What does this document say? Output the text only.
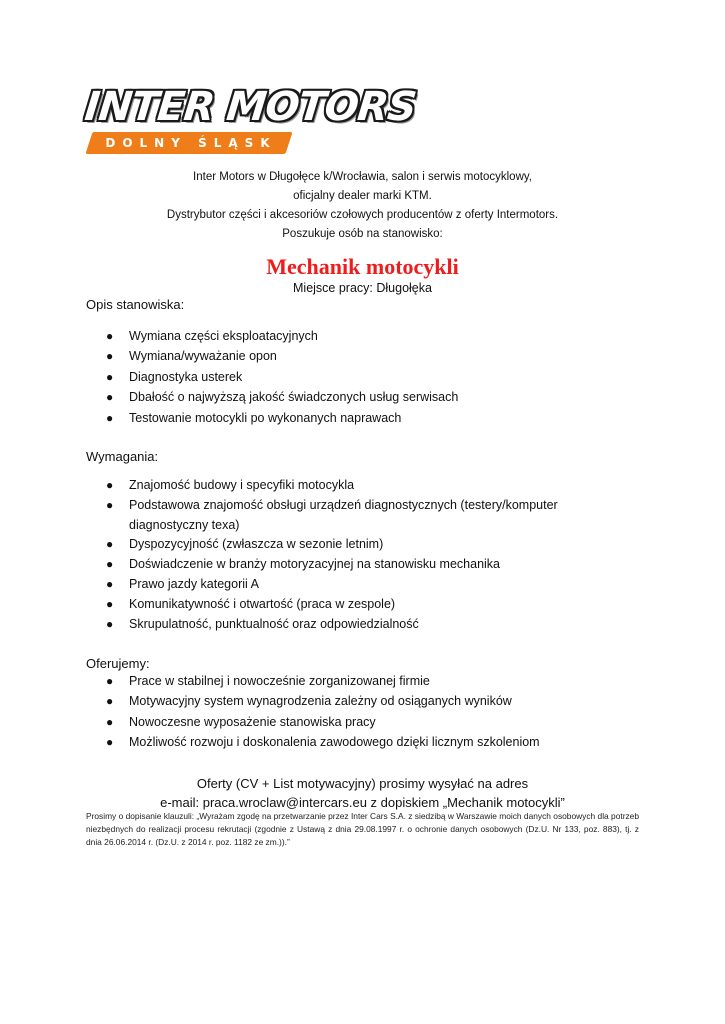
INTER MOTORS
DOLNY ŚLĄSK
Inter Motors w Długołęce k/Wrocławia, salon i serwis motocyklowy,
oficjalny dealer marki KTM.
Dystrybutor części i akcesoriów czołowych producentów z oferty Intermotors.
Poszukuje osób na stanowisko:
Mechanik motocykli
Miejsce pracy: Długołęka
Opis stanowiska:
● Wymiana części eksploatacyjnych
● Wymiana/wyważanie opon
● Diagnostyka usterek
● Dbałość o najwyższą jakość świadczonych usług serwisach
● Testowanie motocykli po wykonanych naprawach
Wymagania:
● Znajomość budowy i specyfiki motocykla
● Podstawowa znajomość obsługi urządzeń diagnostycznych (testery/komputer diagnostyczny texa)
● Dyspozycyjność (zwłaszcza w sezonie letnim)
● Doświadczenie w branży motoryzacyjnej na stanowisku mechanika
● Prawo jazdy kategorii A
● Komunikatywność i otwartość (praca w zespole)
● Skrupulatność, punktualność oraz odpowiedzialność
Oferujemy:
● Prace w stabilnej i nowocześnie zorganizowanej firmie
● Motywacyjny system wynagrodzenia zależny od osiąganych wyników
● Nowoczesne wyposażenie stanowiska pracy
● Możliwość rozwoju i doskonalenia zawodowego dzięki licznym szkoleniom
Oferty (CV + List motywacyjny) prosimy wysyłać na adres
e-mail: praca.wroclaw@intercars.eu z dopiskiem „Mechanik motocykli”
Prosimy o dopisanie klauzuli: „Wyrażam zgodę na przetwarzanie przez Inter Cars S.A. z siedzibą w Warszawie moich danych osobowych dla potrzeb niezbędnych do realizacji procesu rekrutacji (zgodnie z Ustawą z dnia 29.08.1997 r. o ochronie danych osobowych (Dz.U. Nr 133, poz. 883), tj. z dnia 26.06.2014 r. (Dz.U. z 2014 r. poz. 1182 ze zm.)).”
